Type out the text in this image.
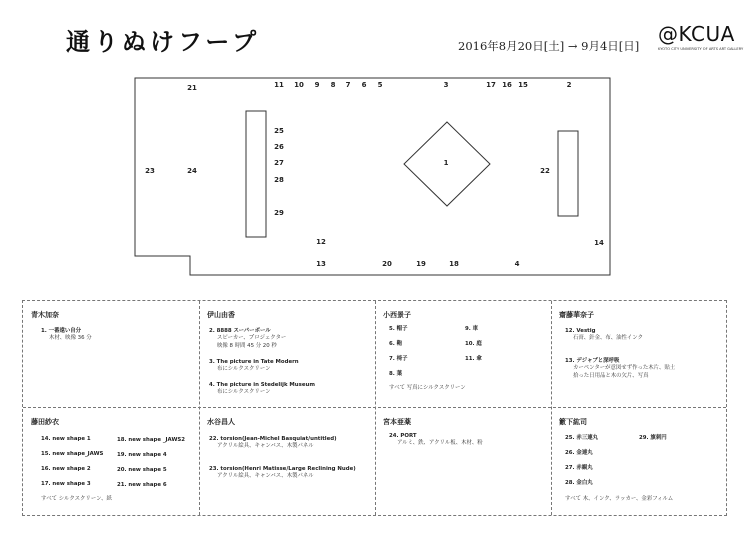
通りぬけフープ	2016年8月20日[土] → 9月4日[日] @KCUA
KYOTO CITY UNIVERSITY OF ARTS ART GALLERY
21	11 10 9 8 7 6 5	3	17 16 15	2
25
26
27
28
29
23	24
1
22
12	14
13	20	19	18	4
青木加奈
1. 一番遠い自分
木材、映像 36 分
伊山由香
2. 8888 スーパーボール
スピーカー、プロジェクター
映像 8 時間 45 分 20 秒
3. The picture in Tate Modern
布にシルクスクリーン
4. The picture in Stedelijk Museum
布にシルクスクリーン
小西景子
5. 帽子
6. 鞄
7. 椅子
8. 葉
9. 車
10. 庭
11. 傘
すべて 写真にシルクスクリーン
齋藤華奈子
12. Vestig
石膏、針金、布、油性インク
13. デジャブと深呼吸
カーペンターが意図せず作った木片、貼土
拾った日用品と木の欠片、写真
藤田紗衣
14. new shape 1
15. new shape_JAWS
16. new shape 2
17. new shape 3
18. new shape _JAWS2
19. new shape 4
20. new shape 5
21. new shape 6
すべて シルクスクリーン、紙
水谷昌人
22. torsion(Jean-Michel Basquiat/untitled)
アクリル絵具、キャンバス、木製パネル
23. torsion(Henri Matisse/Large Reclining Nude)
アクリル絵具、キャンバス、木製パネル
宮本亜薬
24. PORT
アルミ、鉄、アクリル板、木材、粉
籔下紘司
25. 赤三連丸
26. 金連丸
27. 赤観丸
28. 金白丸
29. 旗刺円
すべて 木、インク、ラッカー、金彩フィルム
